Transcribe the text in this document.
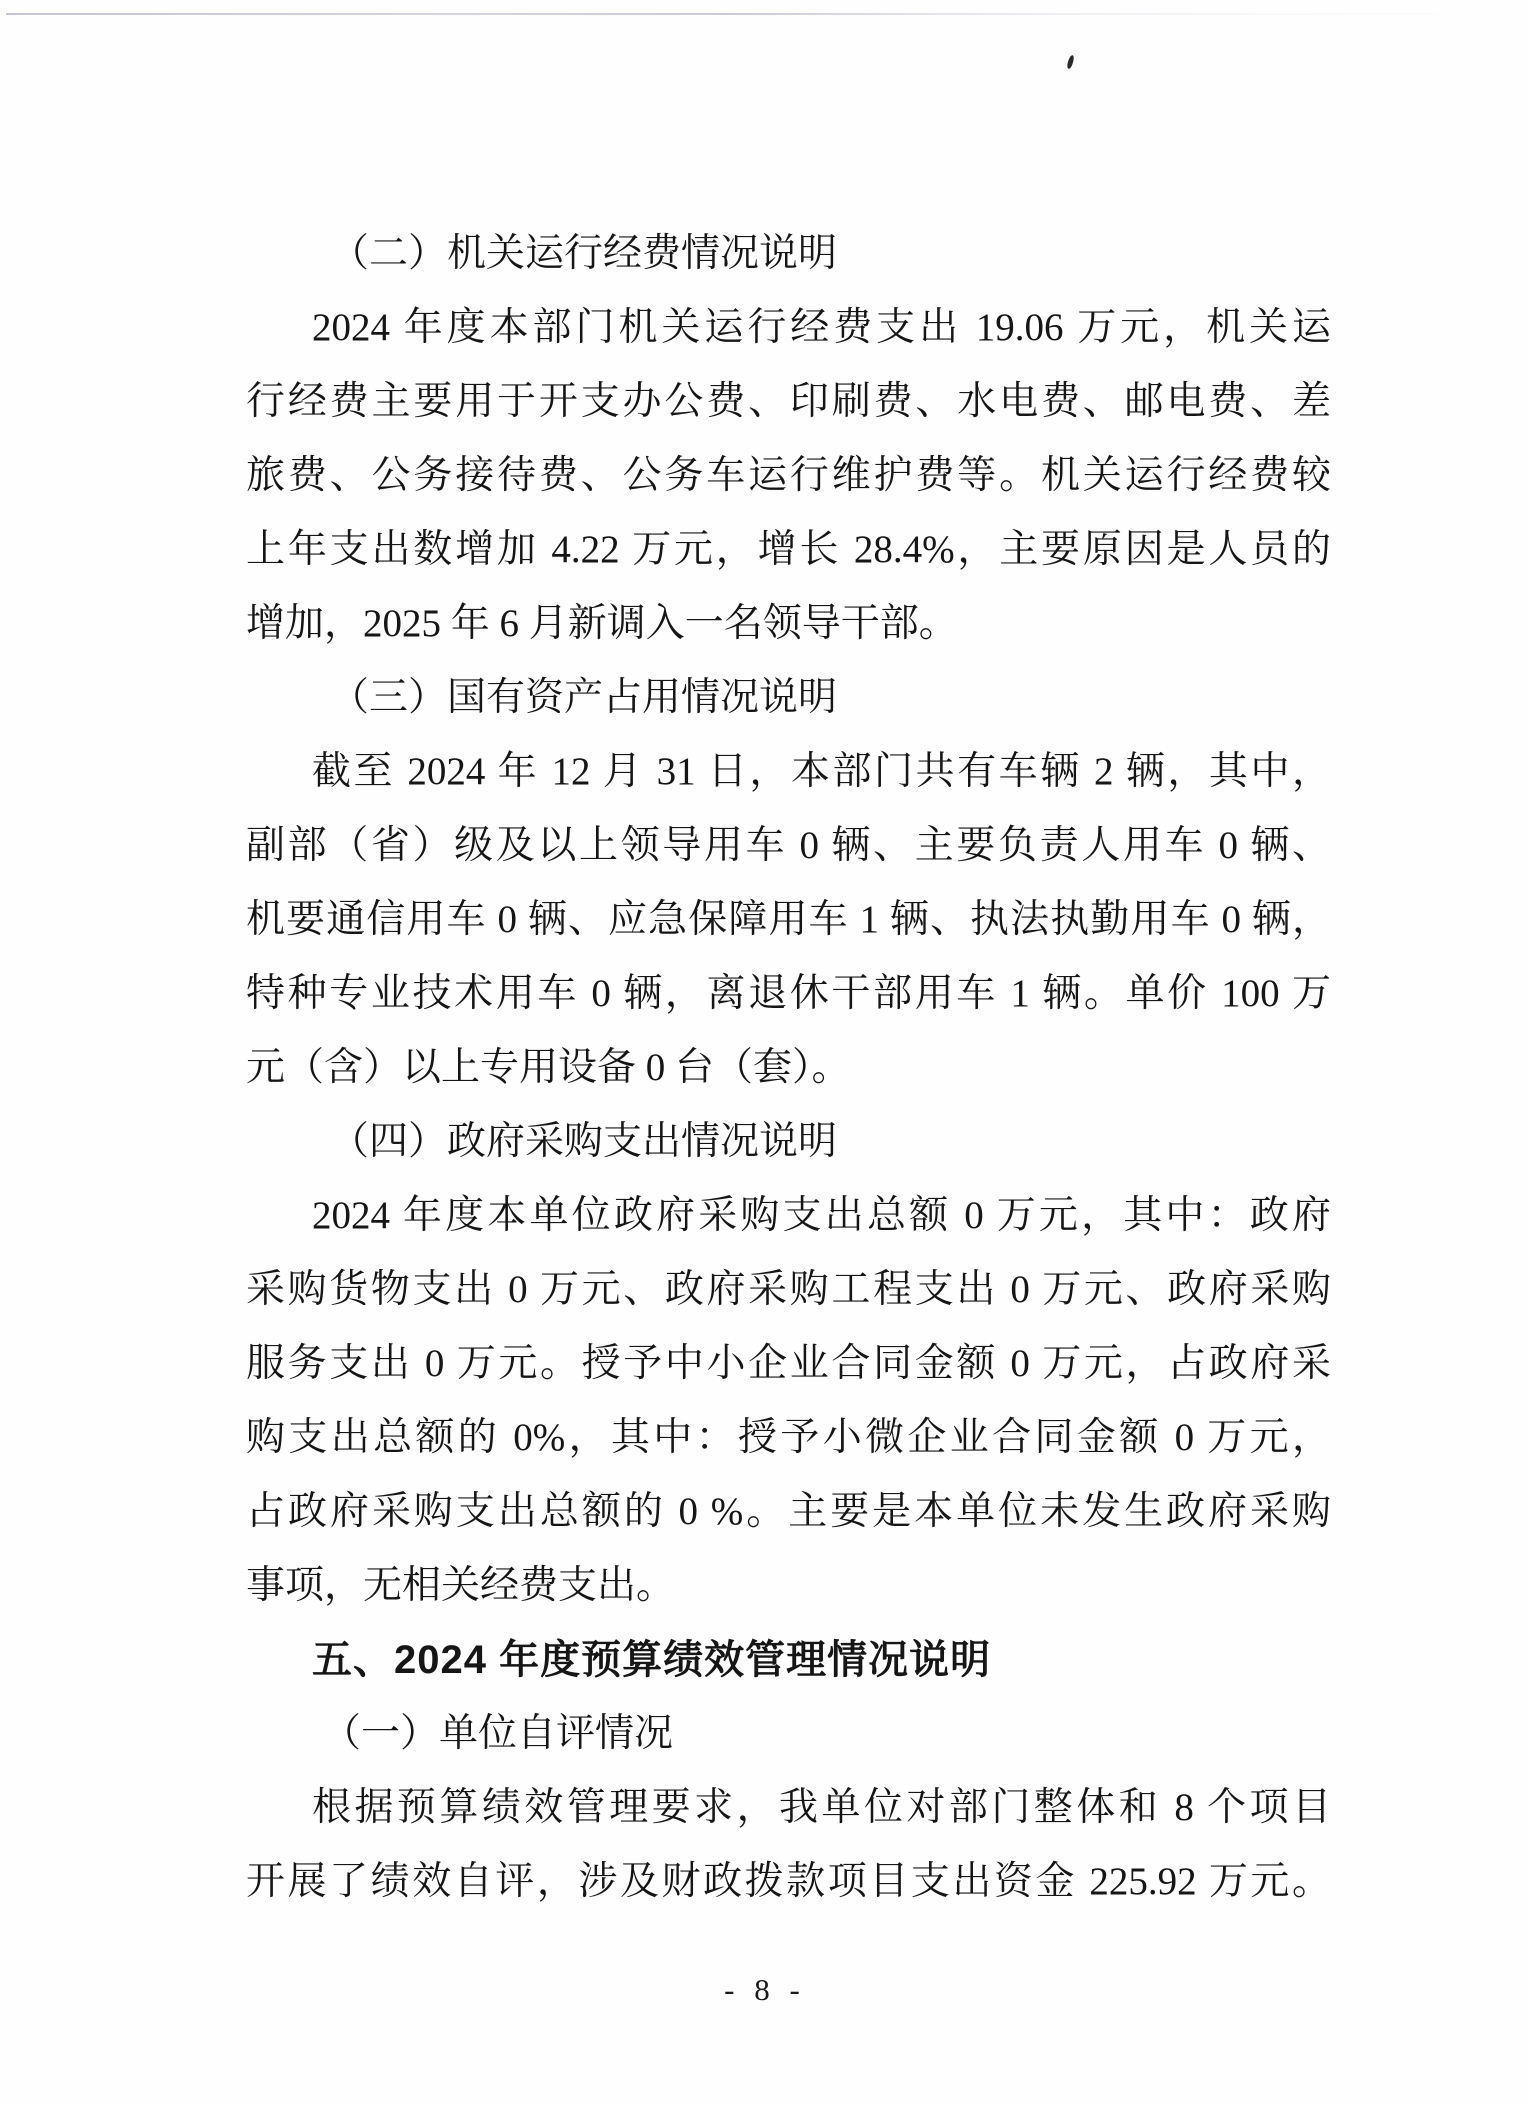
（二）机关运行经费情况说明
2024 年度本部门机关运行经费支出 19.06 万元，机关运
行经费主要用于开支办公费、印刷费、水电费、邮电费、差
旅费、公务接待费、公务车运行维护费等。机关运行经费较
上年支出数增加 4.22 万元，增长 28.4%，主要原因是人员的
增加，2025 年 6 月新调入一名领导干部。
（三）国有资产占用情况说明
截至 2024 年 12 月 31 日，本部门共有车辆 2 辆，其中，
副部（省）级及以上领导用车 0 辆、主要负责人用车 0 辆、
机要通信用车 0 辆、应急保障用车 1 辆、执法执勤用车 0 辆，
特种专业技术用车 0 辆，离退休干部用车 1 辆。单价 100 万
元（含）以上专用设备 0 台（套）。
（四）政府采购支出情况说明
2024 年度本单位政府采购支出总额 0 万元，其中：政府
采购货物支出 0 万元、政府采购工程支出 0 万元、政府采购
服务支出 0 万元。授予中小企业合同金额 0 万元，占政府采
购支出总额的 0%，其中：授予小微企业合同金额 0 万元，
占政府采购支出总额的 0 %。主要是本单位未发生政府采购
事项，无相关经费支出。
五、2024 年度预算绩效管理情况说明
（一）单位自评情况
根据预算绩效管理要求，我单位对部门整体和 8 个项目
开展了绩效自评，涉及财政拨款项目支出资金 225.92 万元。
- 8 -
